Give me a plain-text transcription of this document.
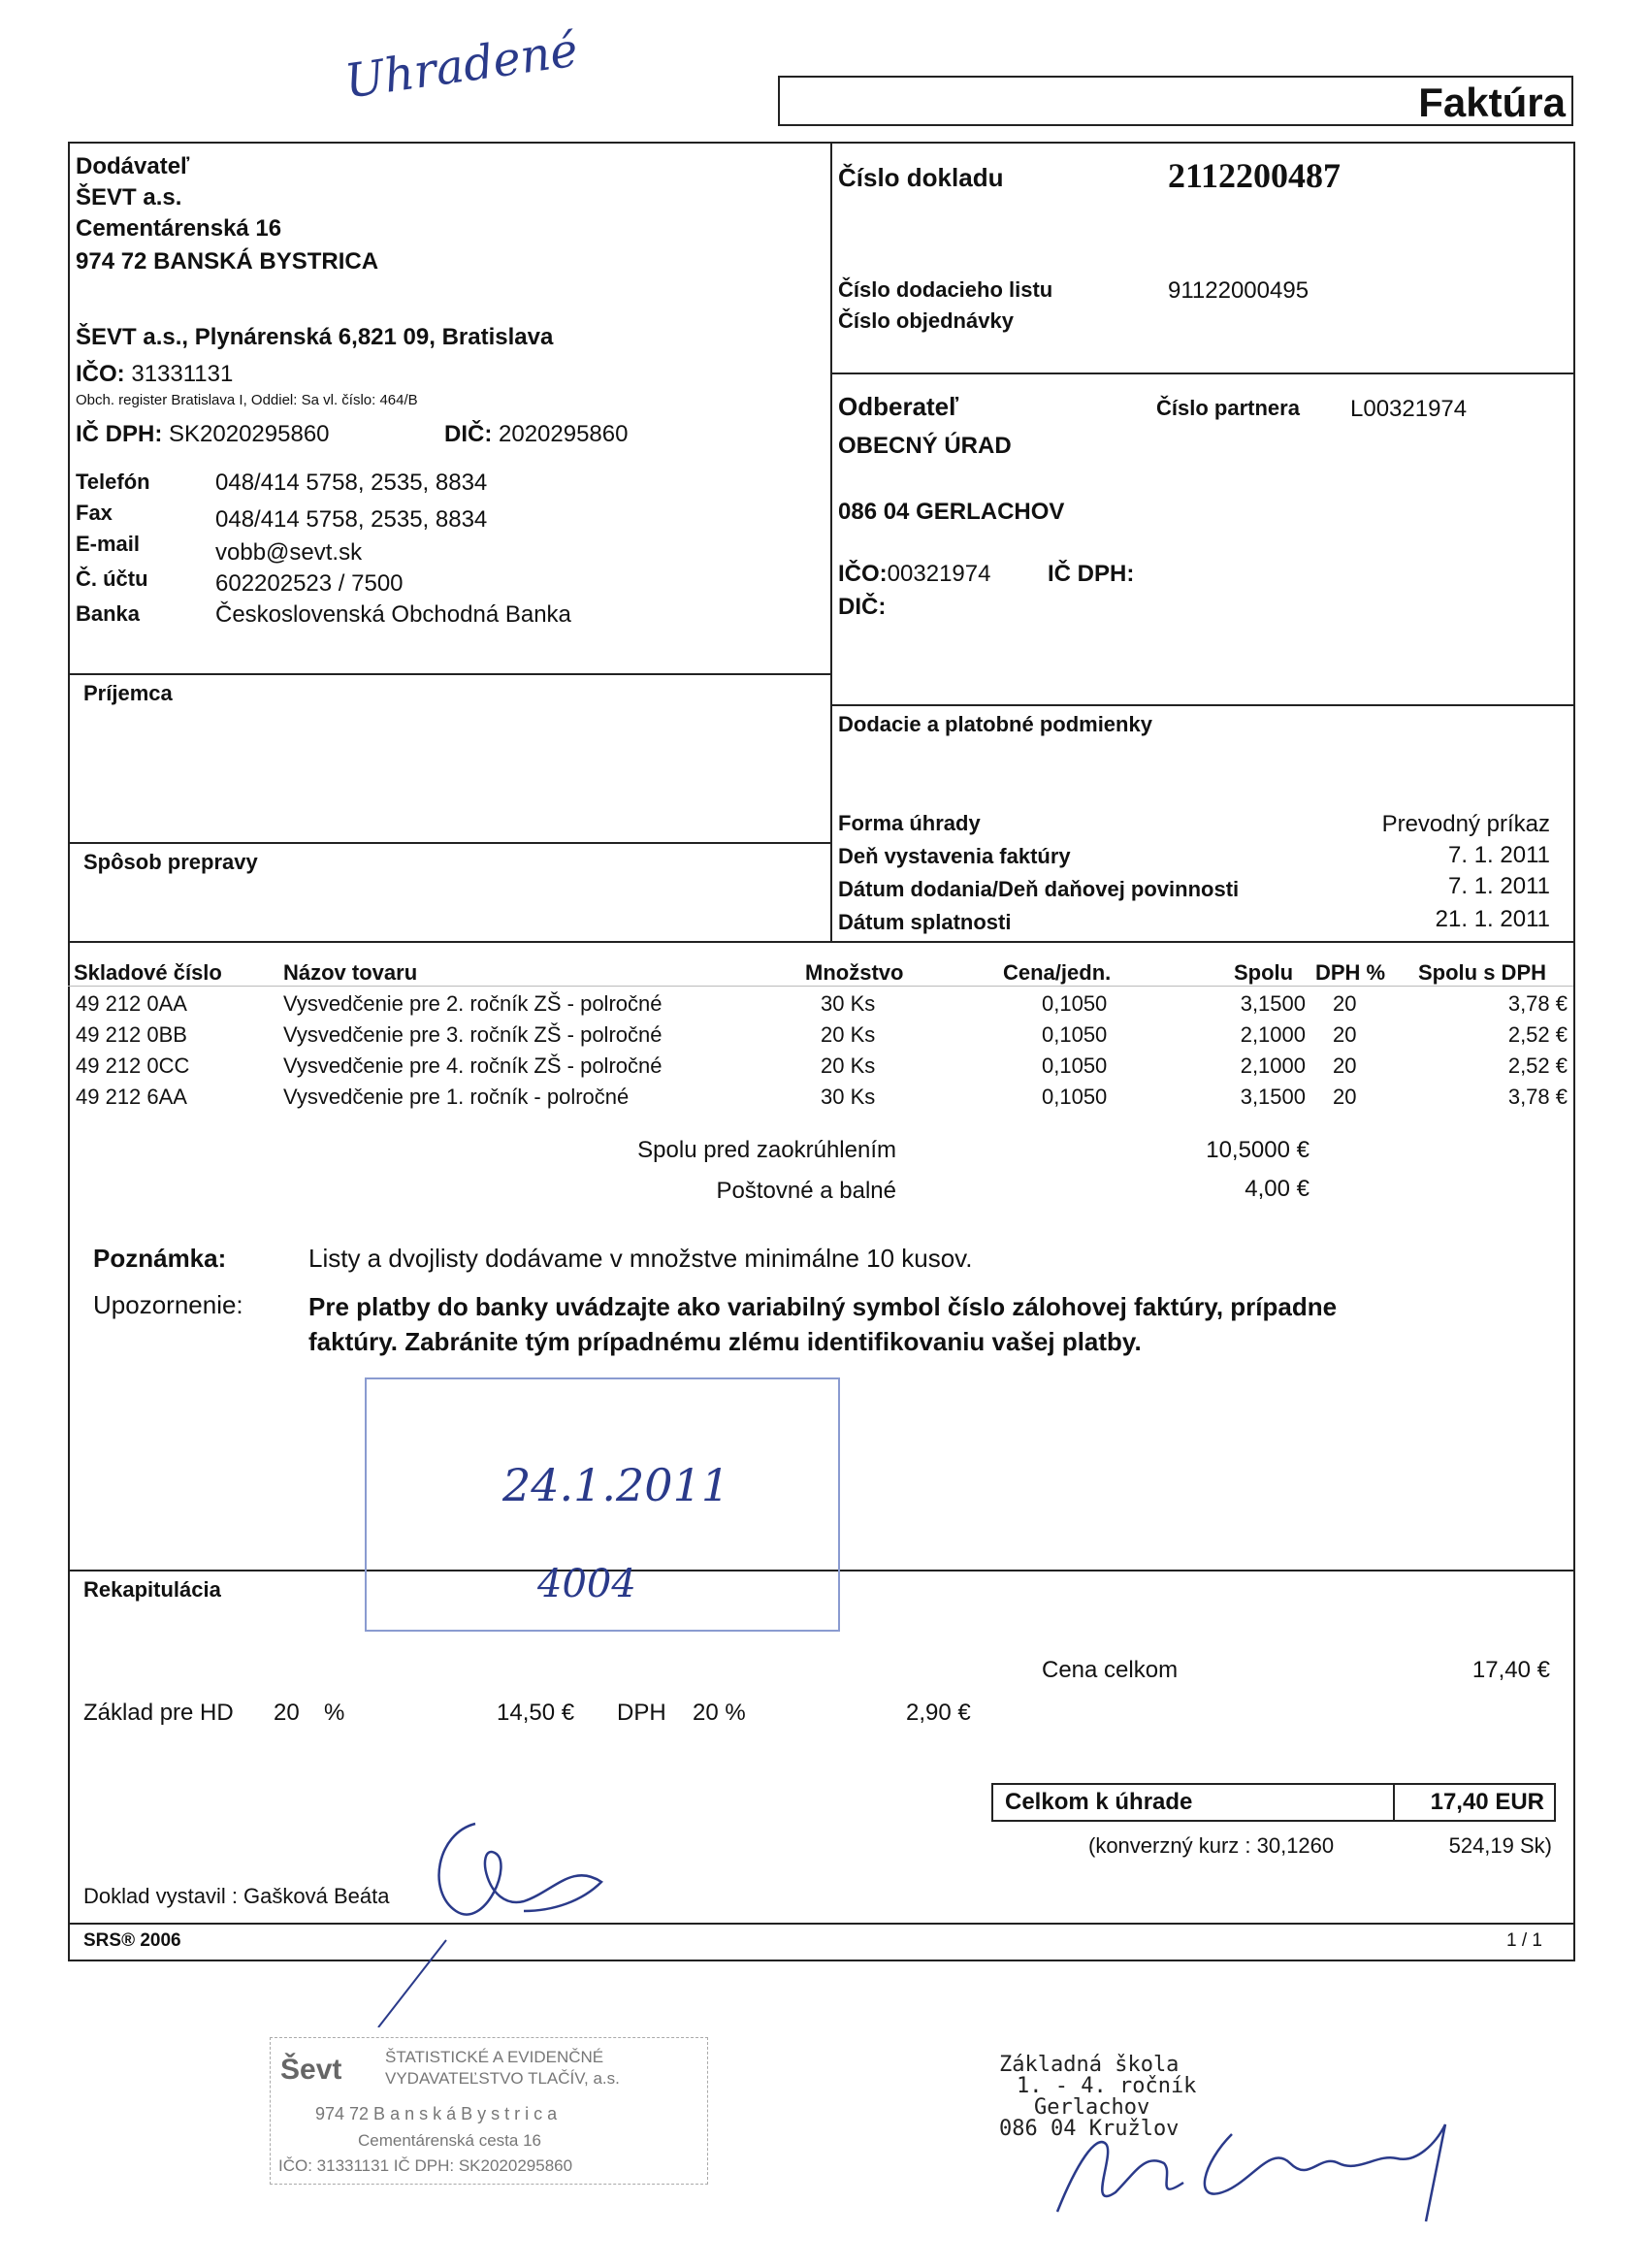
Uhradené	Faktúra
Dodávateľ
ŠEVT a.s.
Cementárenská 16
974 72 BANSKÁ BYSTRICA
ŠEVT a.s., Plynárenská 6,821 09, Bratislava
IČO: 31331131
Obch. register Bratislava I, Oddiel: Sa vl. číslo: 464/B
IČ DPH: SK2020295860	DIČ: 2020295860
Telefón	048/414 5758, 2535, 8834
Fax	048/414 5758, 2535, 8834
E-mail	vobb@sevt.sk
Č. účtu	602202523 / 7500
Banka	Československá Obchodná Banka
Číslo dokladu	2112200487
Číslo dodacieho listu	91122000495
Číslo objednávky
Odberateľ	Číslo partnera L00321974
OBECNÝ ÚRAD
086 04 GERLACHOV
IČO:00321974 IČ DPH:
DIČ:
Príjemca
Spôsob prepravy
Dodacie a platobné podmienky
Forma úhrady	Prevodný príkaz
Deň vystavenia faktúry	7. 1. 2011
Dátum dodania/Deň daňovej povinnosti	7. 1. 2011
Dátum splatnosti	21. 1. 2011
Skladové číslo	Názov tovaru	Množstvo	Cena/jedn.	Spolu DPH % Spolu s DPH
49 212 0AA	Vysvedčenie pre 2. ročník ZŠ - polročné	30 Ks	0,1050	3,1500 20	3,78 €
49 212 0BB	Vysvedčenie pre 3. ročník ZŠ - polročné	20 Ks	0,1050	2,1000 20	2,52 €
49 212 0CC	Vysvedčenie pre 4. ročník ZŠ - polročné	20 Ks	0,1050	2,1000 20	2,52 €
49 212 6AA	Vysvedčenie pre 1. ročník - polročné	30 Ks	0,1050	3,1500 20	3,78 €
Spolu pred zaokrúhlením	10,5000 €
Poštovné a balné	4,00 €
Poznámka:	Listy a dvojlisty dodávame v množstve minimálne 10 kusov.
Upozornenie:	Pre platby do banky uvádzajte ako variabilný symbol číslo zálohovej faktúry, prípadne
faktúry. Zabránite tým prípadnému zlému identifikovaniu vašej platby.
24.1.2011
4004
Rekapitulácia
Cena celkom	17,40 €
Základ pre HD 20 %	14,50 € DPH 20 %	2,90 €
Celkom k úhrade	17,40 EUR
(konverzný kurz : 30,1260	524,19 Sk)
Doklad vystavil : Gašková Beáta
SRS® 2006	1 / 1
Ševt	ŠTATISTICKÉ A EVIDENČNÉ
VYDAVATEĽSTVO TLAČÍV, a.s.
974 72 B a n s k á B y s t r i c a
Cementárenská cesta 16
IČO: 31331131 IČ DPH: SK2020295860
Základná škola
1. - 4. ročník
Gerlachov
086 04 Kružlov
